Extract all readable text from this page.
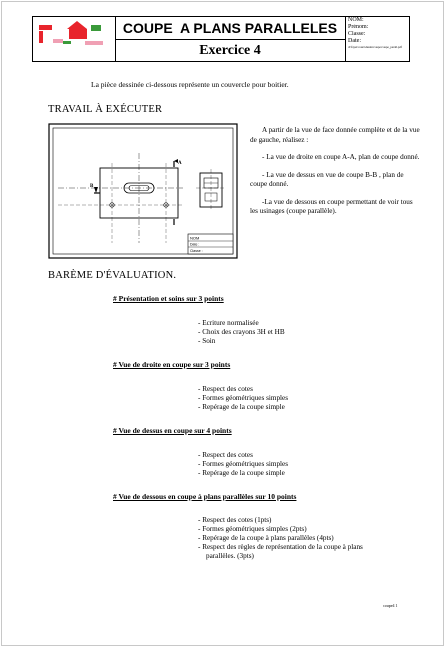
COUPE  A PLANS PARALLELES
Exercice 4
NOM:
Prénom:
Classe:
Date:
d:\fayet\cours\dessin\coupe\coupe_parall.pdf
La pièce dessinée ci-dessous représente un couvercle pour boitier.
TRAVAIL À EXÉCUTER
NOM
Date :
Classe :
A
B

A partir de la vue de face donnée complète et de la vue de gauche, réalisez :

- La vue de droite en coupe A-A, plan de coupe donné.

- La vue de dessus en vue de coupe B-B , plan de coupe donné.

-La vue de dessous en coupe permettant de voir tous les usinages (coupe parallèle).

BARÈME D'ÉVALUATION.
# Présentation et soins sur 3 points
- Ecriture normalisée
- Choix des crayons 3H et HB
- Soin
# Vue de droite en coupe sur 3 points
- Respect des cotes
- Formes géométriques simples
- Repérage de la coupe simple
# Vue de dessus en coupe sur 4 points
- Respect des cotes
- Formes géométriques simples
- Repérage de la coupe simple
# Vue de dessous en coupe à plans parallèles sur 10 points
- Respect des cotes (1pts)
- Formes géométriques simples (2pts)
- Repérage de la coupe à plans parallèles (4pts)
- Respect des règles de représentation de la coupe à plans
parallèles. (3pts)
coupe4 1
